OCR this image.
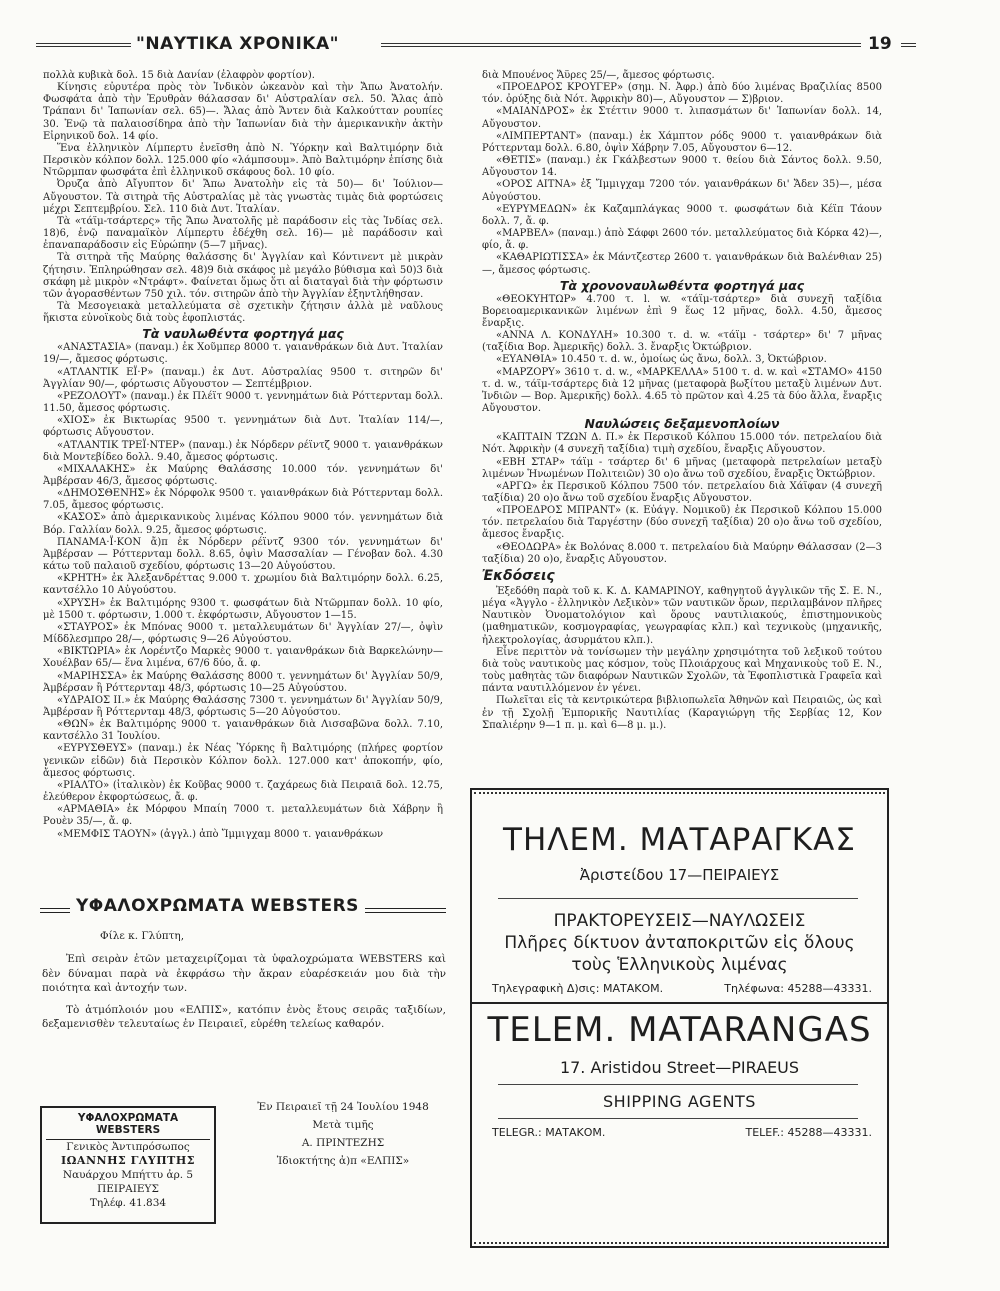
"ΝΑΥΤΙΚΑ ΧΡΟΝΙΚΑ"	19

πολλὰ κυβικὰ δολ. 15 διὰ Δανίαν (ἐλαφρὸν φορτίον).

Κίνησις εὐρυτέρα πρὸς τὸν Ἰνδικὸν ὠκεανὸν καὶ τὴν Ἄπω Ἀνατολήν. Φωσφάτα ἀπὸ τὴν Ἐρυθρὰν θάλασσαν δι' Αὐστραλίαν σελ. 50. Ἄλας ἀπὸ Τράπανι δι' Ἰαπωνίαν σελ. 65)—. Ἄλας ἀπὸ Ἄντεν διὰ Καλκούτταν ρουπίες 30. Ἐνῷ τὰ παλαιοσίδηρα ἀπὸ τὴν Ἰαπωνίαν διὰ τὴν ἀμερικανικὴν ἀκτὴν Εἰρηνικοῦ δολ. 14 φίο.

Ἕνα ἑλληνικὸν Λίμπερτυ ἐνεῖσθη ἀπὸ Ν. Ὑόρκην καὶ Βαλτιμόρην διὰ Περσικὸν κόλπον δολλ. 125.000 φίο «λάμπσουμ». Ἀπὸ Βαλτιμόρην ἐπίσης διὰ Ντῶρμπαν φωσφάτα ἐπὶ ἑλληνικοῦ σκάφους δολ. 10 φίο.

Ὀρυζα ἀπὸ Αἴγυπτον δι' Ἄπω Ἀνατολὴν εἰς τὰ 50)— δι' Ἰούλιον—Αὔγουστον. Τὰ σιτηρὰ τῆς Αὐστραλίας μὲ τὰς γνωστὰς τιμὰς διὰ φορτώσεις μέχρι Σεπτεμβρίου. Σελ. 110 διὰ Δυτ. Ἰταλίαν.

Τὰ «τάϊμ-τσάρτερς» τῆς Ἄπω Ἀνατολῆς μὲ παράδοσιν εἰς τὰς Ἰνδίας σελ. 18)6, ἐνῷ παναμαϊκὸν Λίμπερτυ ἐδέχθη σελ. 16)— μὲ παράδοσιν καὶ ἐπαναπαράδοσιν εἰς Εὐρώπην (5—7 μῆνας).

Τὰ σιτηρὰ τῆς Μαύρης θαλάσσης δι' Ἀγγλίαν καὶ Κόντινεντ μὲ μικρὰν ζήτησιν. Ἐπληρώθησαν σελ. 48)9 διὰ σκάφος μὲ μεγάλο βύθισμα καὶ 50)3 διὰ σκάφη μὲ μικρὸν «Ντράφτ». Φαίνεται ὅμως ὅτι αἱ διαταγαὶ διὰ τὴν φόρτωσιν τῶν ἀγορασθέντων 750 χιλ. τόν. σιτηρῶν ἀπὸ τὴν Ἀγγλίαν ἐξηντλήθησαν.

Τὰ Μεσογειακὰ μεταλλεύματα σὲ σχετικὴν ζήτησιν ἀλλὰ μὲ ναῦλους ἥκιστα εὐνοϊκοὺς διὰ τοὺς ἐφοπλιστάς.

Τὰ ναυλωθέντα φορτηγά μας

«ΑΝΑΣΤΑΣΙΑ» (παναμ.) ἐκ Χοῦμπερ 8000 τ. γαιανθράκων διὰ Δυτ. Ἰταλίαν 19/—, ἄμεσος φόρτωσις.

«ΑΤΛΑΝΤΙΚ ΕΪ·Ρ» (παναμ.) ἐκ Δυτ. Αὐστραλίας 9500 τ. σιτηρῶν δι' Ἀγγλίαν 90/—, φόρτωσις Αὔγουστον — Σεπτέμβριον.

«ΡΕΖΟΛΟΥΤ» (παναμ.) ἐκ Πλέϊτ 9000 τ. γεννημάτων διὰ Ρόττερνταμ δολλ. 11.50, ἄμεσος φόρτωσις.

«ΧΙΟΣ» ἐκ Βικτωρίας 9500 τ. γεννημάτων διὰ Δυτ. Ἰταλίαν 114/—, φόρτωσις Αὔγουστον.

«ΑΤΛΑΝΤΙΚ ΤΡΕΪ·ΝΤΕΡ» (παναμ.) ἐκ Νόρδερν ρέϊντζ 9000 τ. γαιανθράκων διὰ Μοντεβίδεο δολλ. 9.40, ἄμεσος φόρτωσις.

«ΜΙΧΑΛΑΚΗΣ» ἐκ Μαύρης Θαλάσσης 10.000 τόν. γεννημάτων δι' Ἀμβέρσαν 46/3, ἄμεσος φόρτωσις.

«ΔΗΜΟΣΘΕΝΗΣ» ἐκ Νόρφολκ 9500 τ. γαιανθράκων διὰ Ρόττερνταμ δολλ. 7.05, ἄμεσος φόρτωσις.

«ΚΑΣΟΣ» ἀπὸ ἀμερικανικοὺς λιμένας Κόλπου 9000 τόν. γεννημάτων διὰ Βόρ. Γαλλίαν δολλ. 9.25, ἄμεσος φόρτωσις.

ΠΑΝΑΜΑ·Ϊ·ΚΟΝ ἄ)π ἐκ Νόρδερν ρέϊντζ 9300 τόν. γεννημάτων δι' Ἀμβέρσαν — Ρόττερνταμ δολλ. 8.65, ὀψὶν Μασσαλίαν — Γένοβαν δολ. 4.30 κάτω τοῦ παλαιοῦ σχεδίου, φόρτωσις 13—20 Αὐγούστου.

«ΚΡΗΤΗ» ἐκ Ἀλεξανδρέττας 9.000 τ. χρωμίου διὰ Βαλτιμόρην δολλ. 6.25, καντσέλλο 10 Αὐγούστου.

«ΧΡΥΣΗ» ἐκ Βαλτιμόρης 9300 τ. φωσφάτων διὰ Ντῶρμπαν δολλ. 10 φίο, μὲ 1500 τ. φόρτωσιν, 1.000 τ. ἐκφόρτωσιν, Αὔγουστον 1—15.

«ΣΤΑΥΡΟΣ» ἐκ Μπόνας 9000 τ. μεταλλευμάτων δι' Ἀγγλίαν 27/—, ὀψὶν Μίδδλεσμπρο 28/—, φόρτωσις 9—26 Αὐγούστου.

«ΒΙΚΤΩΡΙΑ» ἐκ Λορέντζο Μαρκὲς 9000 τ. γαιανθράκων διὰ Βαρκελώνην—Χουέλβαν 65/— ἕνα λιμένα, 67/6 δύο, ἄ. φ.

«ΜΑΡΙΗΣΣΑ» ἐκ Μαύρης Θαλάσσης 8000 τ. γεννημάτων δι' Ἀγγλίαν 50/9, Ἀμβέρσαν ἢ Ρόττερνταμ 48/3, φόρτωσις 10—25 Αὐγούστου.

«ΥΔΡΑΙΟΣ ΙΙ.» ἐκ Μαύρης Θαλάσσης 7300 τ. γεννημάτων δι' Ἀγγλίαν 50/9, Ἀμβέρσαν ἢ Ρόττερνταμ 48/3, φόρτωσις 5—20 Αὐγούστου.

«ΘΩΝ» ἐκ Βαλτιμόρης 9000 τ. γαιανθράκων διὰ Λισσαβῶνα δολλ. 7.10, καντσέλλο 31 Ἰουλίου.

«ΕΥΡΥΣΘΕΥΣ» (παναμ.) ἐκ Νέας Ὑόρκης ἢ Βαλτιμόρης (πλήρες φορτίον γενικῶν εἰδῶν) διὰ Περσικὸν Κόλπον δολλ. 127.000 κατ' ἀποκοπήν, φίο, ἄμεσος φόρτωσις.

«ΡΙΑΛΤΟ» (ἰταλικὸν) ἐκ Κοῦβας 9000 τ. ζαχάρεως διὰ Πειραιᾶ δολ. 12.75, ἐλεύθερον ἐκφορτώσεως, ἄ. φ.

«ΑΡΜΑΘΙΑ» ἐκ Μόρφου Μπαίη 7000 τ. μεταλλευμάτων διὰ Χάβρην ἢ Ρουὲν 35/—, ἄ. φ.

«ΜΕΜΦΙΣ ΤΑΟΥΝ» (ἀγγλ.) ἀπὸ Ἴμμιγχαμ 8000 τ. γαιανθράκων

ΥΦΑΛΟΧΡΩΜΑΤΑ WEBSTERS
Φίλε κ. Γλύπτη,

Ἐπὶ σειρὰν ἐτῶν μεταχειρίζομαι τὰ ὑφαλοχρώματα WEBSTERS καὶ δὲν δύναμαι παρὰ νὰ ἐκφράσω τὴν ἄκραν εὐαρέσκειάν μου διὰ τὴν ποιότητα καὶ ἀντοχήν των.

Τὸ ἀτμόπλοιόν μου «ΕΛΠΙΣ», κατόπιν ἑνὸς ἔτους σειρᾶς ταξιδίων, δεξαμενισθὲν τελευταίως ἐν Πειραιεῖ, εὑρέθη τελείως καθαρόν.

Ἐν Πειραιεῖ τῇ 24 Ἰουλίου 1948
Μετὰ τιμῆς
Α. ΠΡΙΝΤΕΖΗΣ
Ἰδιοκτήτης ἀ)π «ΕΛΠΙΣ»
ΥΦΑΛΟΧΡΩΜΑΤΑ WEBSTERS
Γενικὸς Ἀντιπρόσωπος
ΙΩΑΝΝΗΣ ΓΛΥΠΤΗΣ
Ναυάρχου Μπήττυ ἀρ. 5
ΠΕΙΡΑΙΕΥΣ
Τηλέφ. 41.834

διὰ Μπουένος Ἄϋρες 25/—, ἄμεσος φόρτωσις.

«ΠΡΟΕΔΡΟΣ ΚΡΟΥΓΕΡ» (σημ. Ν. Ἀφρ.) ἀπὸ δύο λιμένας Βραζιλίας 8500 τόν. ὀρύξης διὰ Νότ. Ἀφρικὴν 80)—, Αὔγουστον — Σ)βριον.

«ΜΑΙΑΝΔΡΟΣ» ἐκ Στέττιν 9000 τ. λιπασμάτων δι' Ἰαπωνίαν δολλ. 14, Αὔγουστον.

«ΛΙΜΠΕΡΤΑΝΤ» (παναμ.) ἐκ Χάμπτον ρόδς 9000 τ. γαιανθράκων διὰ Ρόττερνταμ δολλ. 6.80, ὀψὶν Χάβρην 7.05, Αὔγουστον 6—12.

«ΘΕΤΙΣ» (παναμ.) ἐκ Γκάλβεστων 9000 τ. θείου διὰ Σάντος δολλ. 9.50, Αὔγουστον 14.

«ΟΡΟΣ ΑΙΤΝΑ» ἐξ Ἴμμιγχαμ 7200 τόν. γαιανθράκων δι' Ἄδεν 35)—, μέσα Αὐγούστου.

«ΕΥΡΥΜΕΔΩΝ» ἐκ Καζαμπλάγκας 9000 τ. φωσφάτων διὰ Κέϊπ Τάουν δολλ. 7, ἄ. φ.

«ΜΑΡΒΕΛ» (παναμ.) ἀπὸ Σάφφι 2600 τόν. μεταλλεύματος διὰ Κόρκα 42)—, φίο, ἄ. φ.

«ΚΑΘΑΡΙΩΤΙΣΣΑ» ἐκ Μάντζεστερ 2600 τ. γαιανθράκων διὰ Βαλένθιαν 25)—, ἄμεσος φόρτωσις.

Τὰ χρονοναυλωθέντα φορτηγά μας

«ΘΕΟΚΥΗΤΩΡ» 4.700 τ. l. w. «τάϊμ-τσάρτερ» διὰ συνεχῆ ταξίδια Βορειοαμερικανικῶν λιμένων ἐπὶ 9 ἕως 12 μῆνας, δολλ. 4.50, ἄμεσος ἔναρξις.

«ΑΝΝΑ Λ. ΚΟΝΔΥΛΗ» 10.300 τ. d. w. «τάϊμ - τσάρτερ» δι' 7 μῆνας (ταξίδια Βορ. Ἀμερικῆς) δολλ. 3. ἔναρξις Ὀκτώβριον.

«ΕΥΑΝΘΙΑ» 10.450 τ. d. w., ὁμοίως ὡς ἄνω, δολλ. 3, Ὀκτώβριον.

«ΜΑΡΖΟΡΥ» 3610 τ. d. w., «ΜΑΡΚΕΛΛΑ» 5100 τ. d. w. καὶ «ΣΤΑΜΟ» 4150 τ. d. w., τάϊμ-τσάρτερς διὰ 12 μῆνας (μεταφορὰ βωξίτου μεταξὺ λιμένων Δυτ. Ἰνδιῶν — Βορ. Ἀμερικῆς) δολλ. 4.65 τὸ πρῶτον καὶ 4.25 τὰ δύο ἄλλα, ἔναρξις Αὔγουστον.

Ναυλώσεις δεξαμενοπλοίων

«ΚΑΠΤΑΙΝ ΤΖΩΝ Δ. Π.» ἐκ Περσικοῦ Κόλπου 15.000 τόν. πετρελαίου διὰ Νότ. Ἀφρικὴν (4 συνεχῆ ταξίδια) τιμὴ σχεδίου, ἔναρξις Αὔγουστον.

«ΕΒΗ ΣΤΑΡ» τάϊμ - τσάρτερ δι' 6 μῆνας (μεταφορὰ πετρελαίων μεταξὺ λιμένων Ἡνωμένων Πολιτειῶν) 30 ο)ο ἄνω τοῦ σχεδίου, ἔναρξις Ὀκτώβριον.

«ΑΡΓΩ» ἐκ Περσικοῦ Κόλπου 7500 τόν. πετρελαίου διὰ Χάϊφαν (4 συνεχῆ ταξίδια) 20 ο)ο ἄνω τοῦ σχεδίου ἔναρξις Αὔγουστον.

«ΠΡΟΕΔΡΟΣ ΜΠΡΑΝΤ» (κ. Εὐάγγ. Νομικοῦ) ἐκ Περσικοῦ Κόλπου 15.000 τόν. πετρελαίου διὰ Ταργέστην (δύο συνεχῆ ταξίδια) 20 ο)ο ἄνω τοῦ σχεδίου, ἄμεσος ἔναρξις.

«ΘΕΟΔΩΡΑ» ἐκ Βολόνας 8.000 τ. πετρελαίου διὰ Μαύρην Θάλασσαν (2—3 ταξίδια) 20 ο)ο, ἔναρξις Αὔγουστον.

Ἐκδόσεις

Ἐξεδόθη παρὰ τοῦ κ. Κ. Δ. ΚΑΜΑΡΙΝΟΥ, καθηγητοῦ ἀγγλικῶν τῆς Σ. Ε. Ν., μέγα «Ἀγγλο - ἑλληνικὸν Λεξικὸν» τῶν ναυτικῶν ὅρων, περιλαμβάνον πλῆρες Ναυτικὸν Ὀνοματολόγιον καὶ ὅρους ναυτιλιακούς, ἐπιστημονικοὺς (μαθηματικῶν, κοσμογραφίας, γεωγραφίας κλπ.) καὶ τεχνικοὺς (μηχανικῆς, ἠλεκτρολογίας, ἀσυρμάτου κλπ.).

Εἶνε περιττὸν νὰ τονίσωμεν τὴν μεγάλην χρησιμότητα τοῦ λεξικοῦ τούτου διὰ τοὺς ναυτικοὺς μας κόσμον, τοὺς Πλοιάρχους καὶ Μηχανικοὺς τοῦ Ε. Ν., τοὺς μαθητὰς τῶν διαφόρων Ναυτικῶν Σχολῶν, τὰ Ἐφοπλιστικὰ Γραφεῖα καὶ πάντα ναυτιλλόμενον ἐν γένει.

Πωλεῖται εἰς τὰ κεντρικώτερα βιβλιοπωλεῖα Ἀθηνῶν καὶ Πειραιῶς, ὡς καὶ ἐν τῇ Σχολῇ Ἐμπορικῆς Ναυτιλίας (Καραγιώργη τῆς Σερβίας 12, Κον Σπαλιέρην 9—1 π. μ. καὶ 6—8 μ. μ.).

ΤΗΛΕΜ. ΜΑΤΑΡΑΓΚΑΣ
Ἀριστείδου 17—ΠΕΙΡΑΙΕΥΣ
ΠΡΑΚΤΟΡΕΥΣΕΙΣ—ΝΑΥΛΩΣΕΙΣ
Πλῆρες δίκτυον ἀνταποκριτῶν εἰς ὅλους
τοὺς Ἑλληνικοὺς λιμένας
Τηλεγραφικὴ Δ)σις: ΜΑΤΑΚΟΜ.	Τηλέφωνα: 45288—43331.
TELEM. MATARANGAS
17. Aristidou Street—PIRAEUS
SHIPPING AGENTS
TELEGR.: ΜΑΤΑΚΟΜ.	TELEF.: 45288—43331.
